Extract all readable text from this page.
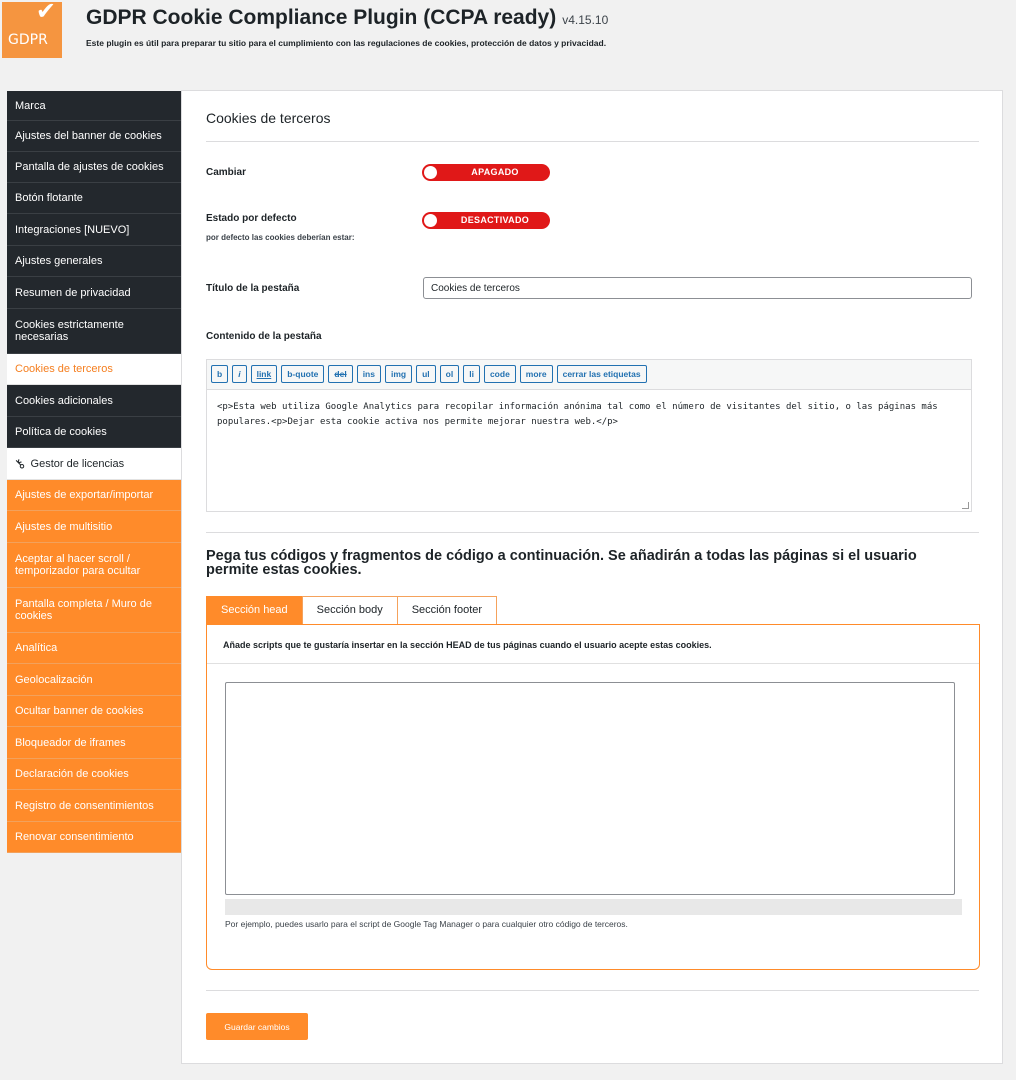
✔
GDPR
GDPR Cookie Compliance Plugin (CCPA ready) v4.15.10
Este plugin es útil para preparar tu sitio para el cumplimiento con las regulaciones de cookies, protección de datos y privacidad.
Marca
Ajustes del banner de cookies
Pantalla de ajustes de cookies
Botón flotante
Integraciones [NUEVO]
Ajustes generales
Resumen de privacidad
Cookies estrictamente necesarias
Cookies de terceros
Cookies adicionales
Política de cookies
⚷ Gestor de licencias
Ajustes de exportar/importar
Ajustes de multisitio
Aceptar al hacer scroll / temporizador para ocultar
Pantalla completa / Muro de cookies
Analítica
Geolocalización
Ocultar banner de cookies
Bloqueador de iframes
Declaración de cookies
Registro de consentimientos
Renovar consentimiento
Cookies de terceros
Cambiar	APAGADO
Estado por defecto
por defecto las cookies deberían estar:
DESACTIVADO
Título de la pestaña
Cookies de terceros
Contenido de la pestaña
b	i	link	b-quote	del	ins	img	ul	ol	li	code	more	cerrar las etiquetas
<p>Esta web utiliza Google Analytics para recopilar información anónima tal como el número de visitantes del sitio, o las páginas más populares.<p>Dejar esta cookie activa nos permite mejorar nuestra web.</p>
Pega tus códigos y fragmentos de código a continuación. Se añadirán a todas las páginas si el usuario permite estas cookies.
Sección head	Sección body	Sección footer
Añade scripts que te gustaría insertar en la sección HEAD de tus páginas cuando el usuario acepte estas cookies.
Por ejemplo, puedes usarlo para el script de Google Tag Manager o para cualquier otro código de terceros.
Guardar cambios
